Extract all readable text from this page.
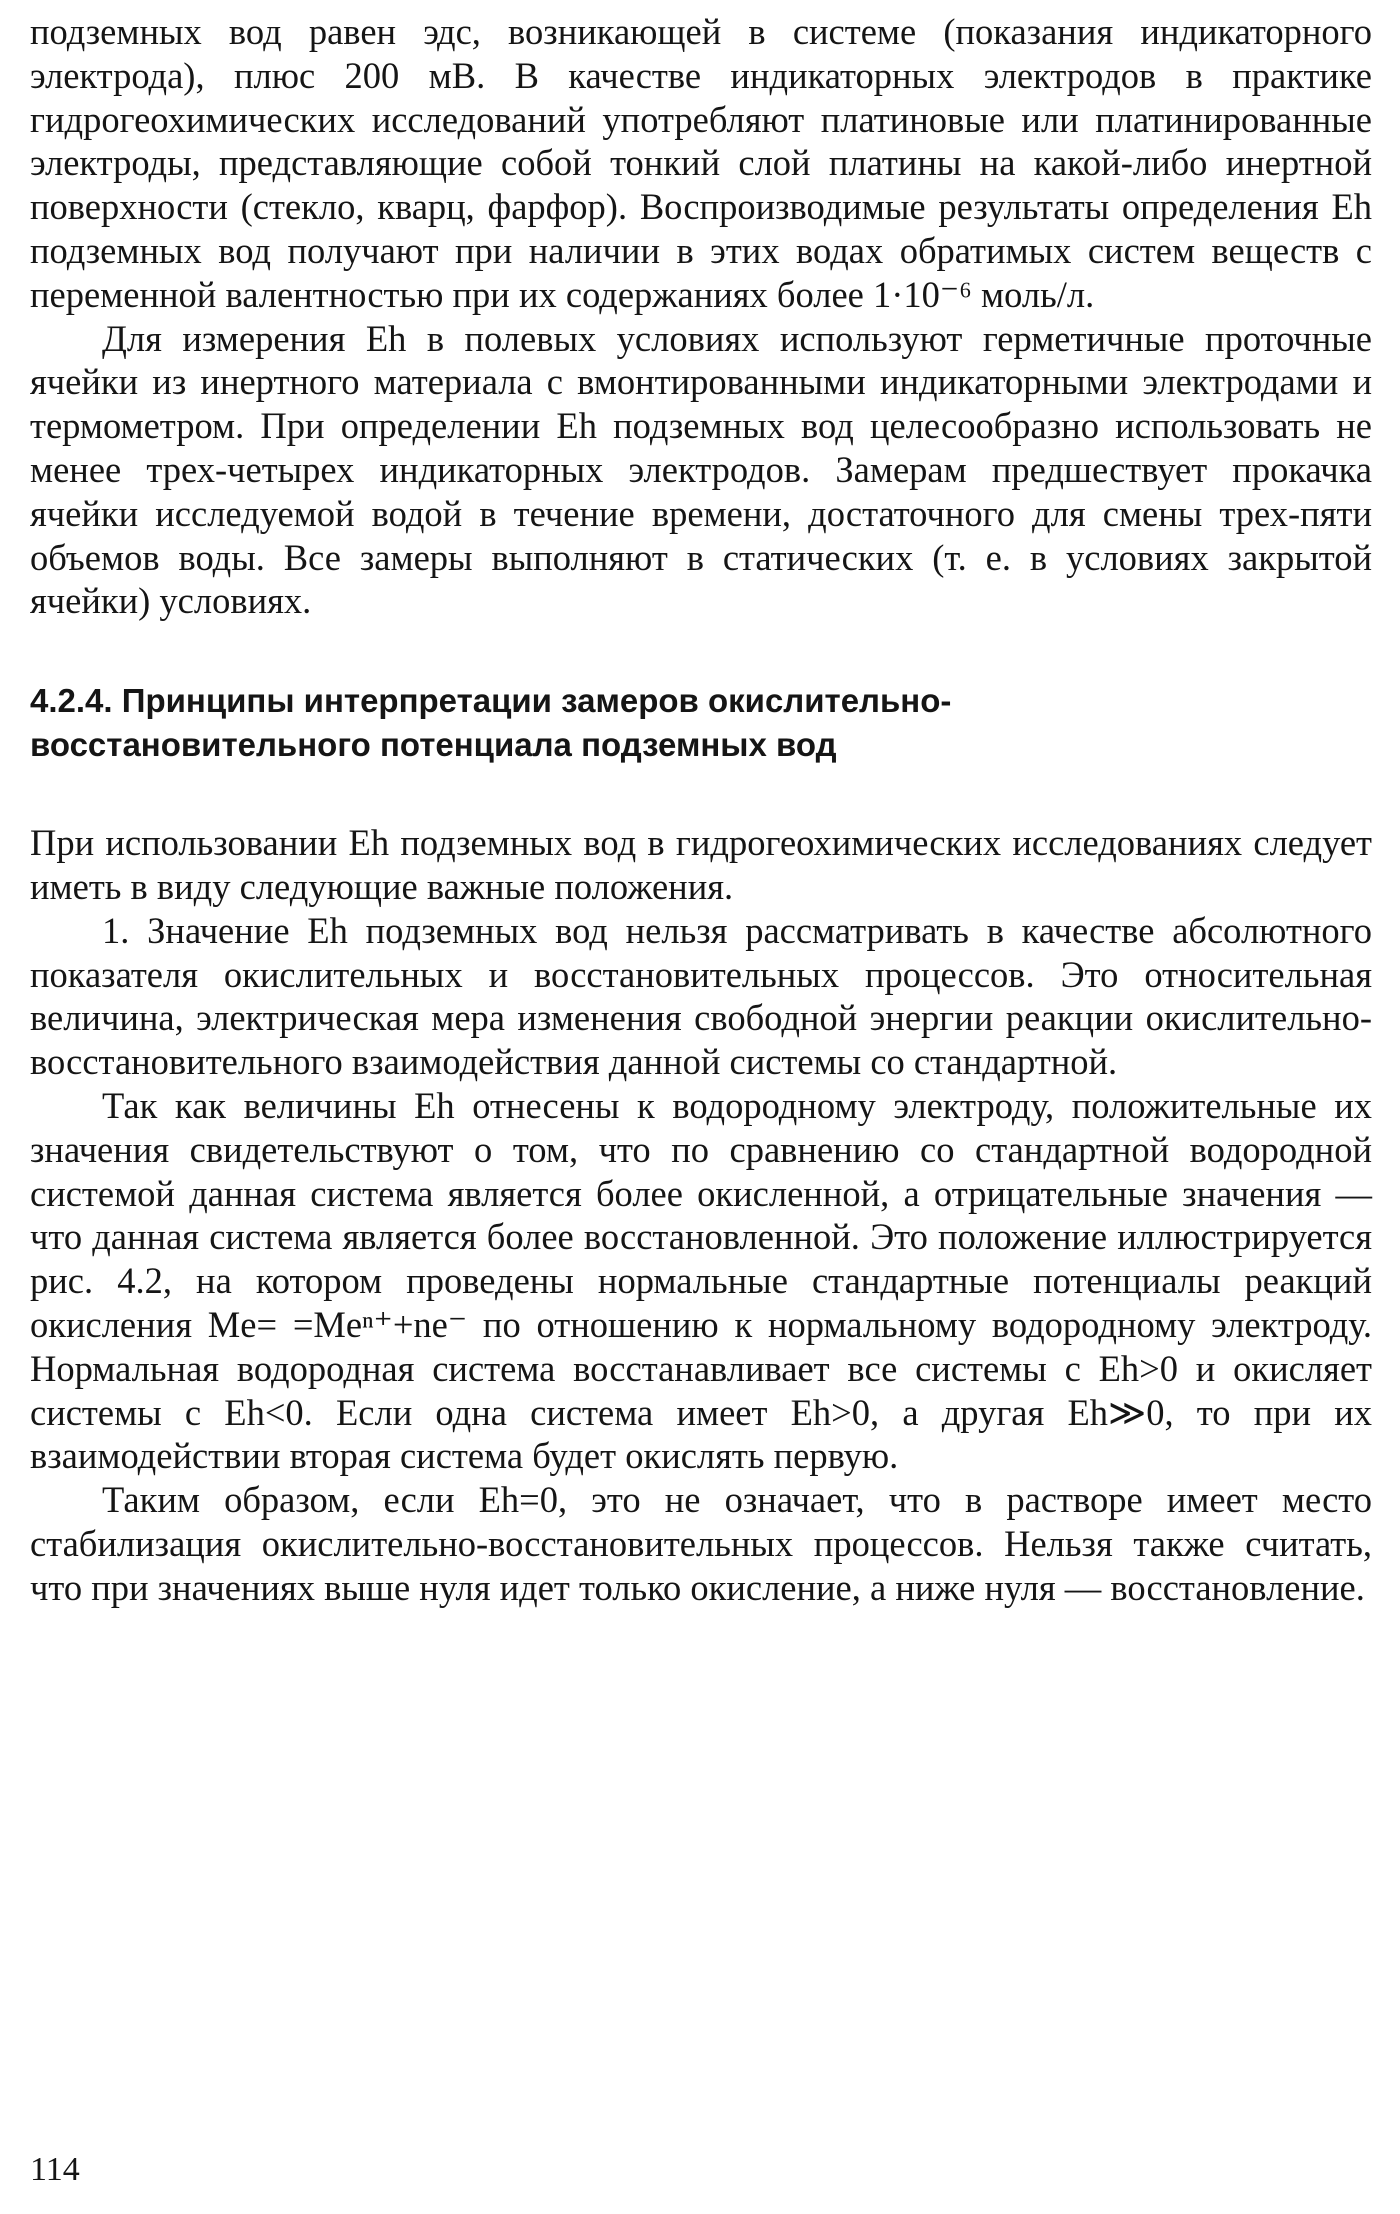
подземных вод равен эдс, возникающей в системе (показания индикаторного электрода), плюс 200 мВ. В качестве индикаторных электродов в практике гидрогеохимических исследований употребляют платиновые или платинированные электроды, представляющие собой тонкий слой платины на какой-либо инертной поверхности (стекло, кварц, фарфор). Воспроизводимые результаты определения Eh подземных вод получают при наличии в этих водах обратимых систем веществ с переменной валентностью при их содержаниях более 1·10⁻⁶ моль/л.

Для измерения Eh в полевых условиях используют герметичные проточные ячейки из инертного материала с вмонтированными индикаторными электродами и термометром. При определении Eh подземных вод целесообразно использовать не менее трех-четырех индикаторных электродов. Замерам предшествует прокачка ячейки исследуемой водой в течение времени, достаточного для смены трех-пяти объемов воды. Все замеры выполняют в статических (т. е. в условиях закрытой ячейки) условиях.

4.2.4. Принципы интерпретации замеров окислительно-
восстановительного потенциала подземных вод

При использовании Eh подземных вод в гидрогеохимических исследованиях следует иметь в виду следующие важные положения.

1. Значение Eh подземных вод нельзя рассматривать в качестве абсолютного показателя окислительных и восстановительных процессов. Это относительная величина, электрическая мера изменения свободной энергии реакции окислительно-восстановительного взаимодействия данной системы со стандартной.

Так как величины Eh отнесены к водородному электроду, положительные их значения свидетельствуют о том, что по сравнению со стандартной водородной системой данная система является более окисленной, а отрицательные значения — что данная система является более восстановленной. Это положение иллюстрируется рис. 4.2, на котором проведены нормальные стандартные потенциалы реакций окисления Me= =Meⁿ⁺+ne⁻ по отношению к нормальному водородному электроду. Нормальная водородная система восстанавливает все системы с Eh>0 и окисляет системы с Eh<0. Если одна система имеет Eh>0, а другая Eh≫0, то при их взаимодействии вторая система будет окислять первую.

Таким образом, если Eh=0, это не означает, что в растворе имеет место стабилизация окислительно-восстановительных процессов. Нельзя также считать, что при значениях выше нуля идет только окисление, а ниже нуля — восстановление.

114
